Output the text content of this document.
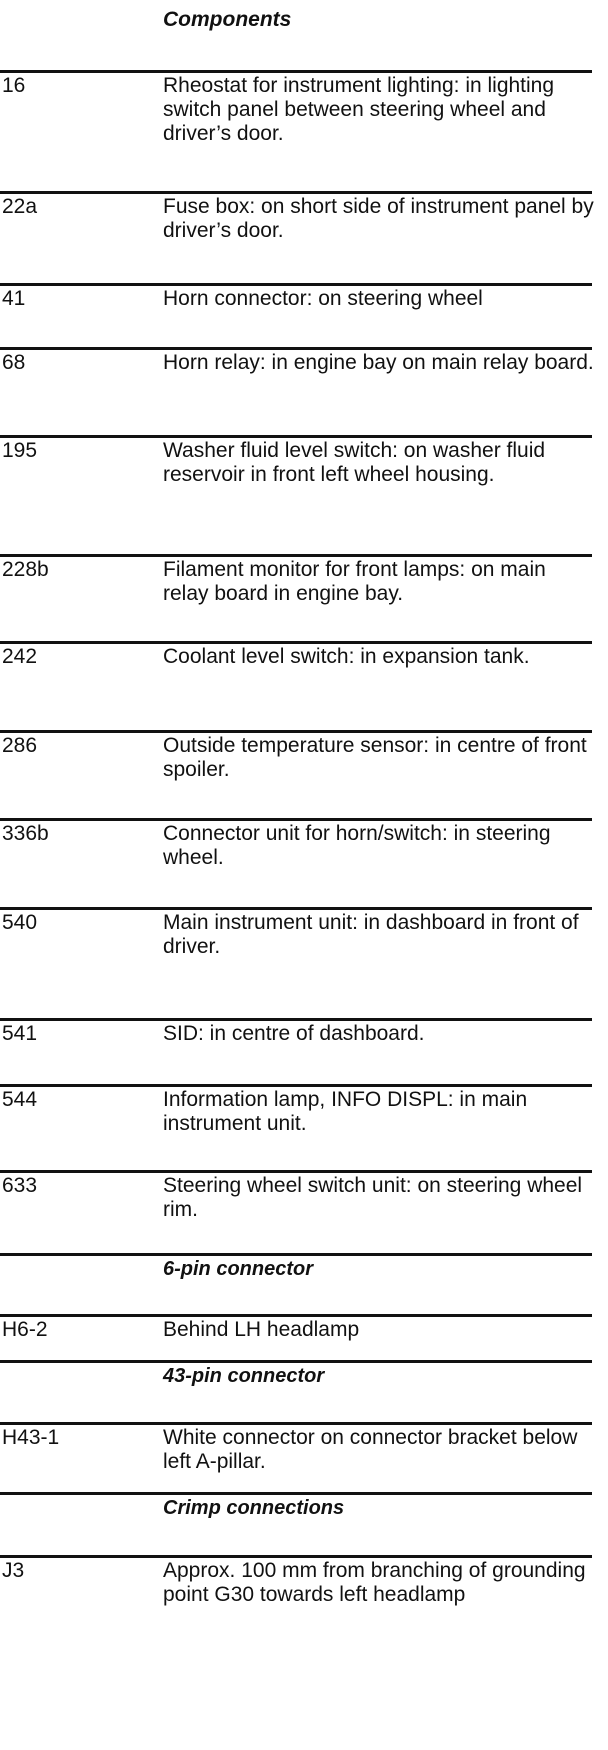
Components
16	Rheostat for instrument lighting: in lighting switch panel between steering wheel and driver’s door.
22a	Fuse box: on short side of instrument panel by driver’s door.
41	Horn connector: on steering wheel
68	Horn relay: in engine bay on main relay board.
195	Washer fluid level switch: on washer fluid reservoir in front left wheel housing.
228b	Filament monitor for front lamps: on main relay board in engine bay.
242	Coolant level switch: in expansion tank.
286	Outside temperature sensor: in centre of front spoiler.
336b	Connector unit for horn/switch: in steering wheel.
540	Main instrument unit: in dashboard in front of driver.
541	SID: in centre of dashboard.
544	Information lamp, INFO DISPL: in main instrument unit.
633	Steering wheel switch unit: on steering wheel rim.
6-pin connector
H6-2	Behind LH headlamp
43-pin connector
H43-1	White connector on connector bracket below left A-pillar.
Crimp connections
J3	Approx. 100 mm from branching of grounding point G30 towards left headlamp
